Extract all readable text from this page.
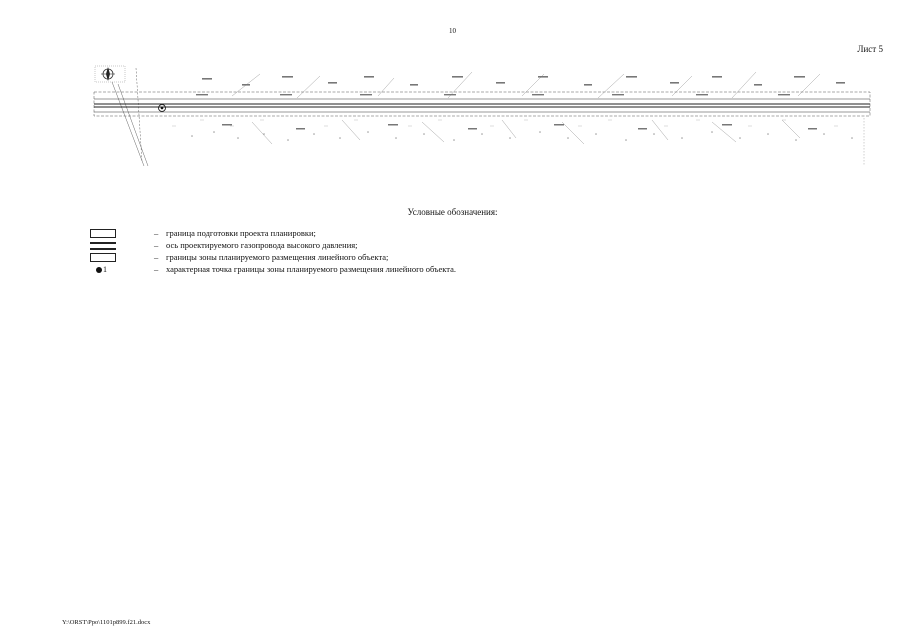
10
Лист 5
Условные обозначения:
– граница подготовки проекта планировки;
– ось проектируемого газопровода высокого давления;
– границы зоны планируемого размещения линейного объекта;
1	– характерная точка границы зоны планируемого размещения линейного объекта.
Y:\ORST\Ppo\1101p899.f21.docx
